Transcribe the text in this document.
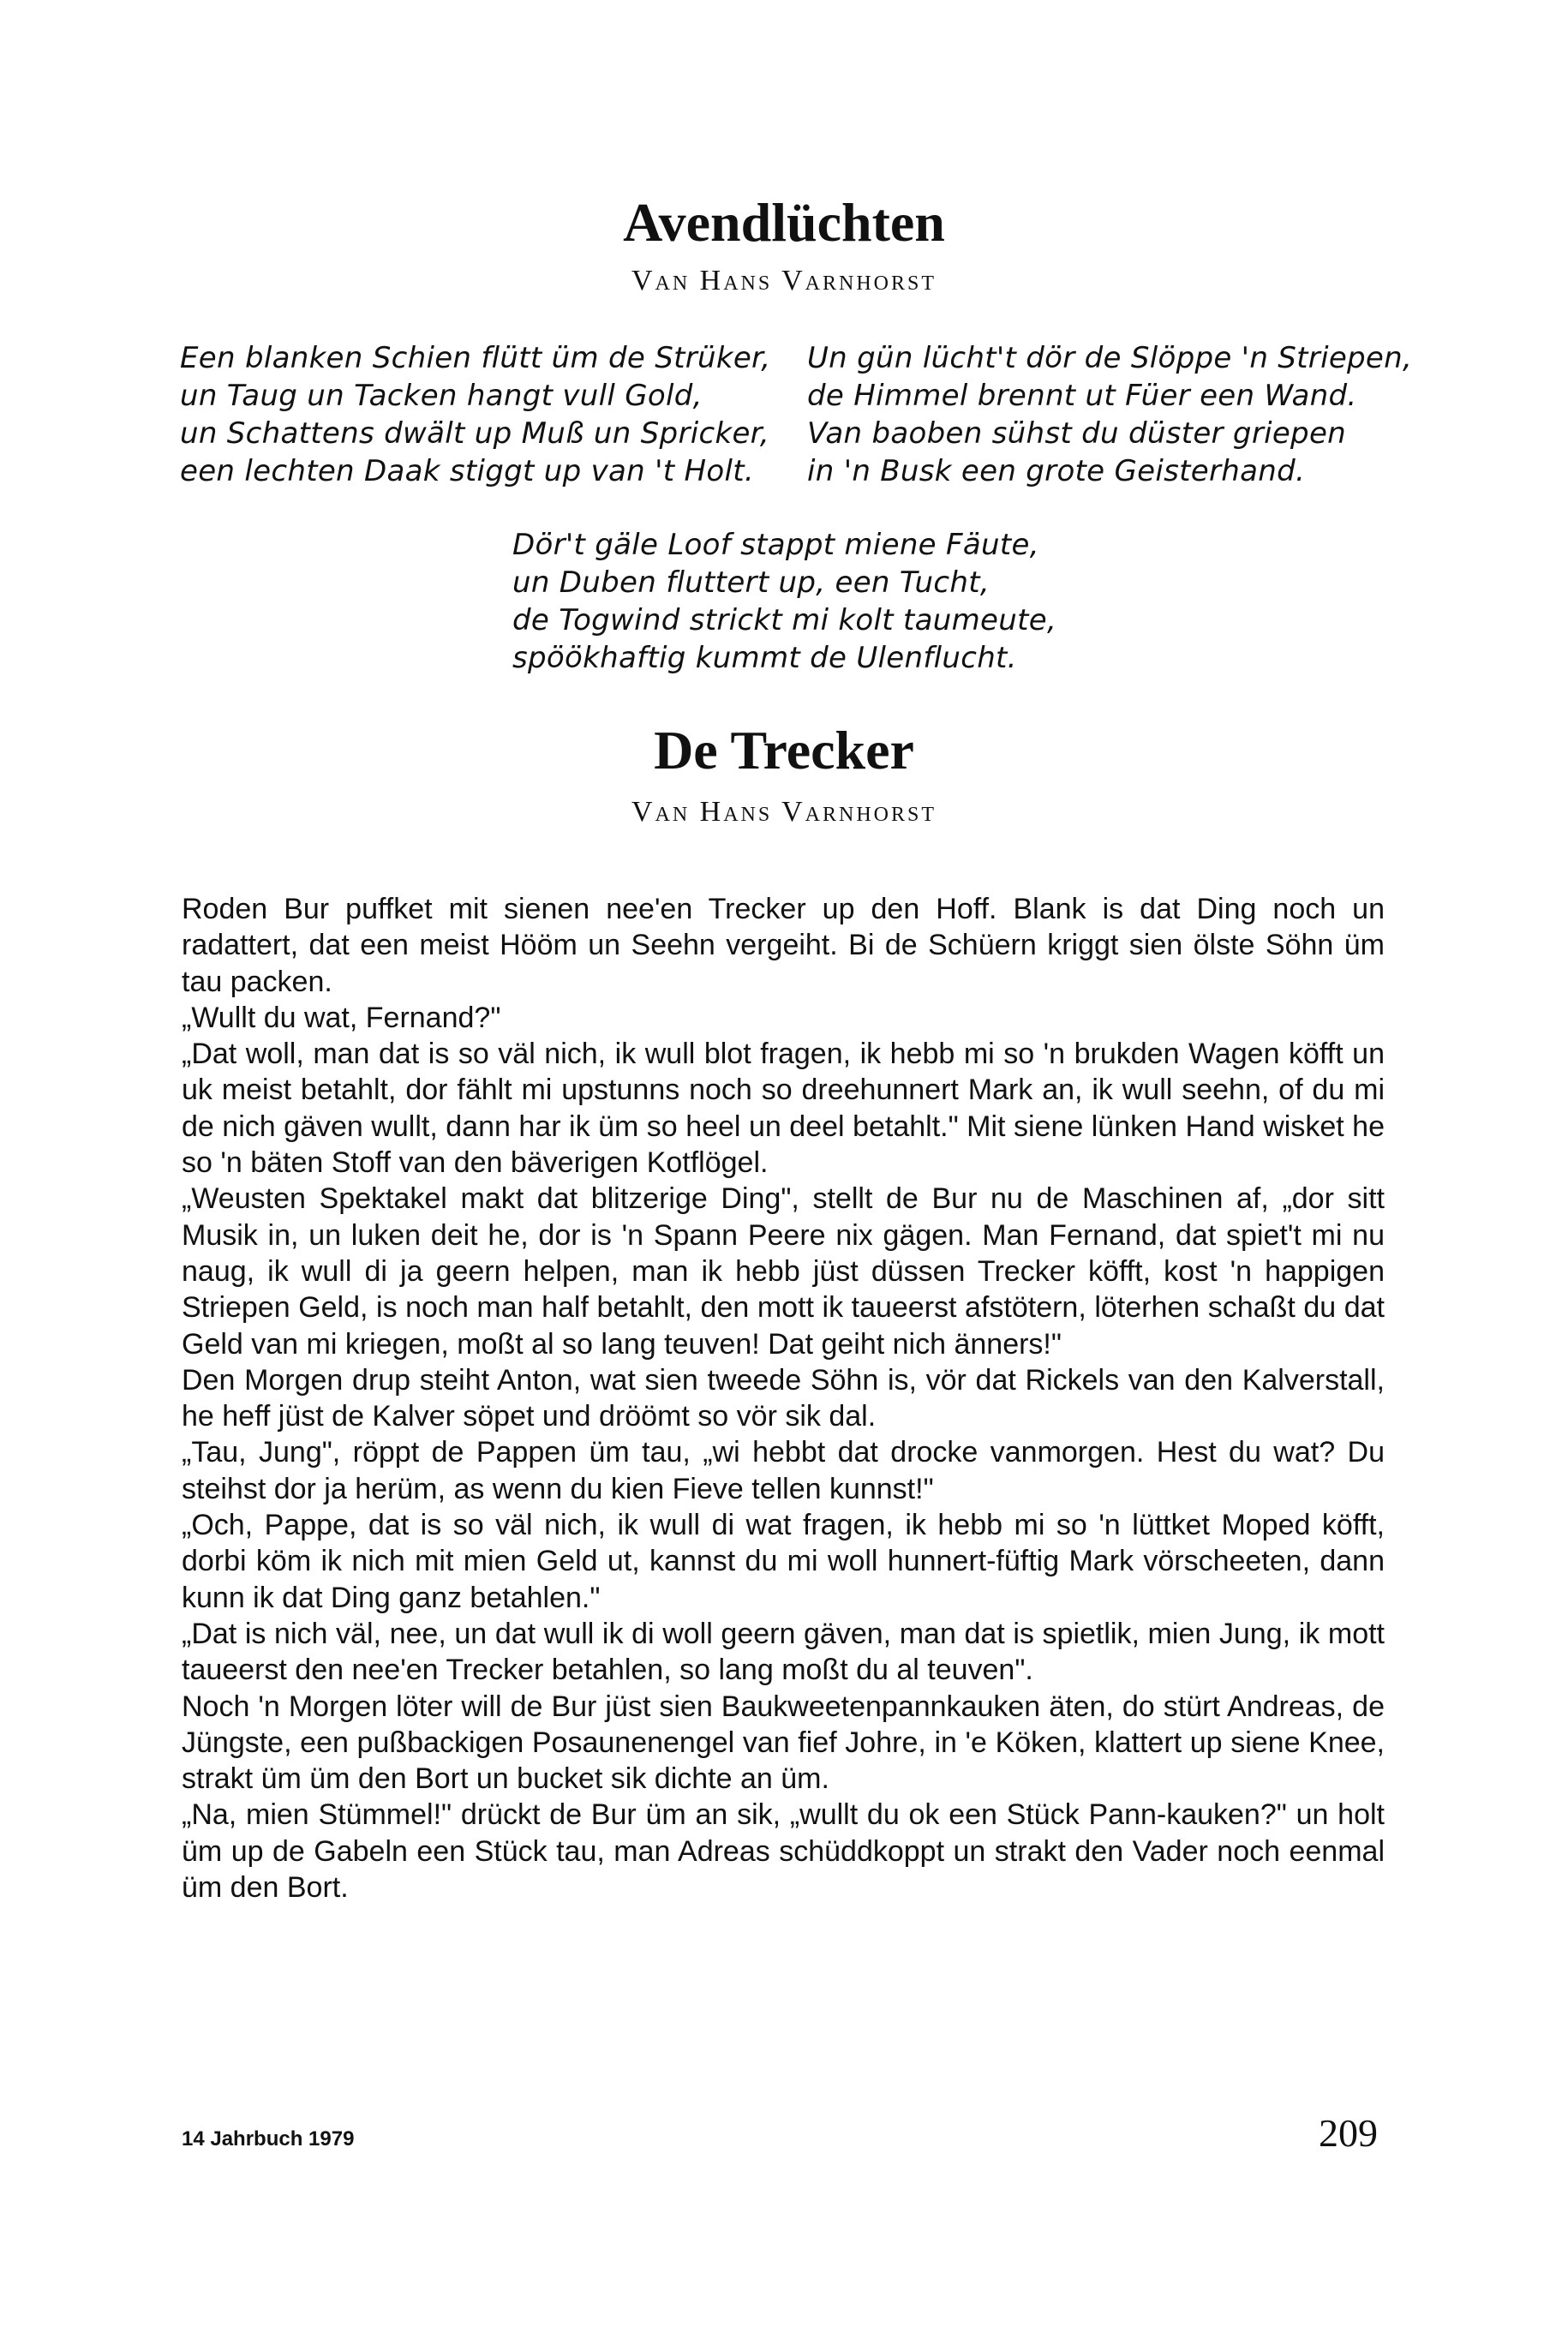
Avendlüchten
Van Hans Varnhorst
Een blanken Schien flütt üm de Strüker,
un Taug un Tacken hangt vull Gold,
un Schattens dwält up Muß un Spricker,
een lechten Daak stiggt up van 't Holt.
Un gün lücht't dör de Slöppe 'n Striepen,
de Himmel brennt ut Füer een Wand.
Van baoben sühst du düster griepen
in 'n Busk een grote Geisterhand.
Dör't gäle Loof stappt miene Fäute,
un Duben fluttert up, een Tucht,
de Togwind strickt mi kolt taumeute,
spöökhaftig kummt de Ulenflucht.
De Trecker
Van Hans Varnhorst

Roden Bur puffket mit sienen nee'en Trecker up den Hoff. Blank is dat Ding noch un radattert, dat een meist Hööm un Seehn vergeiht. Bi de Schüern kriggt sien ölste Söhn üm tau packen.

„Wullt du wat, Fernand?"

„Dat woll, man dat is so väl nich, ik wull blot fragen, ik hebb mi so 'n brukden Wagen köfft un uk meist betahlt, dor fählt mi upstunns noch so dreehunnert Mark an, ik wull seehn, of du mi de nich gäven wullt, dann har ik üm so heel un deel betahlt." Mit siene lünken Hand wisket he so 'n bäten Stoff van den bäverigen Kotflögel.

„Weusten Spektakel makt dat blitzerige Ding", stellt de Bur nu de Maschinen af, „dor sitt Musik in, un luken deit he, dor is 'n Spann Peere nix gägen. Man Fernand, dat spiet't mi nu naug, ik wull di ja geern helpen, man ik hebb jüst düssen Trecker köfft, kost 'n happigen Striepen Geld, is noch man half betahlt, den mott ik taueerst afstötern, löterhen schaßt du dat Geld van mi kriegen, moßt al so lang teuven! Dat geiht nich änners!"

Den Morgen drup steiht Anton, wat sien tweede Söhn is, vör dat Rickels van den Kalverstall, he heff jüst de Kalver söpet und dröömt so vör sik dal.

„Tau, Jung", röppt de Pappen üm tau, „wi hebbt dat drocke vanmorgen. Hest du wat? Du steihst dor ja herüm, as wenn du kien Fieve tellen kunnst!"

„Och, Pappe, dat is so väl nich, ik wull di wat fragen, ik hebb mi so 'n lüttket Moped köfft, dorbi köm ik nich mit mien Geld ut, kannst du mi woll hunnert-füftig Mark vörscheeten, dann kunn ik dat Ding ganz betahlen."

„Dat is nich väl, nee, un dat wull ik di woll geern gäven, man dat is spietlik, mien Jung, ik mott taueerst den nee'en Trecker betahlen, so lang moßt du al teuven".

Noch 'n Morgen löter will de Bur jüst sien Baukweetenpannkauken äten, do stürt Andreas, de Jüngste, een pußbackigen Posaunenengel van fief Johre, in 'e Köken, klattert up siene Knee, strakt üm üm den Bort un bucket sik dichte an üm.

„Na, mien Stümmel!" drückt de Bur üm an sik, „wullt du ok een Stück Pann-kauken?" un holt üm up de Gabeln een Stück tau, man Adreas schüddkoppt un strakt den Vader noch eenmal üm den Bort.

14 Jahrbuch 1979	209
